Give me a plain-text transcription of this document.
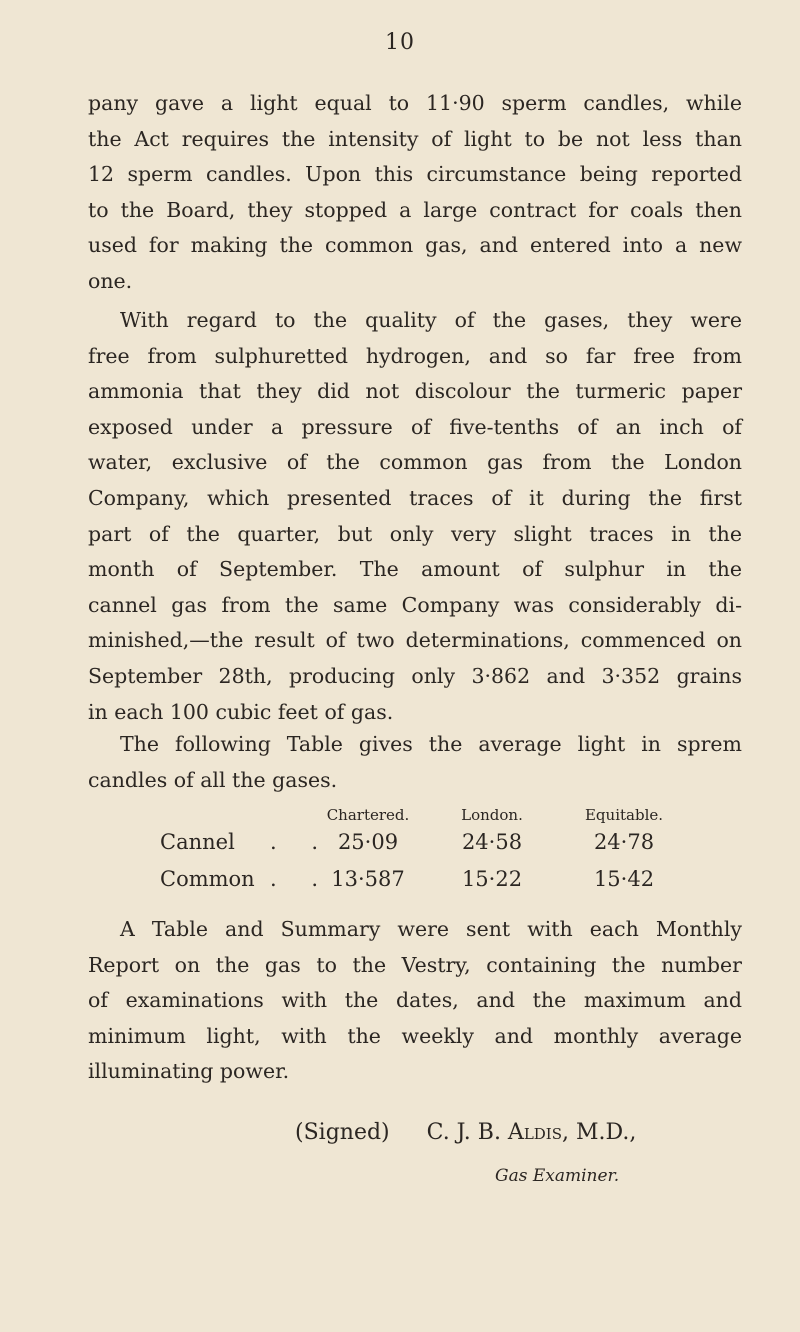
10

pany gave a light equal to 11·90 sperm candles, while
the Act requires the intensity of light to be not less than
12 sperm candles. Upon this circumstance being reported
to the Board, they stopped a large contract for coals then
used for making the common gas, and entered into a new
one.

With regard to the quality of the gases, they were
free from sulphuretted hydrogen, and so far free from
ammonia that they did not discolour the turmeric paper
exposed under a pressure of five-tenths of an inch of
water, exclusive of the common gas from the London
Company, which presented traces of it during the first
part of the quarter, but only very slight traces in the
month of September. The amount of sulphur in the
cannel gas from the same Company was considerably di-
minished,—the result of two determinations, commenced on
September 28th, producing only 3·862 and 3·352 grains
in each 100 cubic feet of gas.

The following Table gives the average light in sprem
candles of all the gases.

Chartered.	London.	Equitable.
Cannel . . 25·09	24·58	24·78
Common . . 13·587	15·22	15·42

A Table and Summary were sent with each Monthly
Report on the gas to the Vestry, containing the number
of examinations with the dates, and the maximum and
minimum light, with the weekly and monthly average
illuminating power.

(Signed) C. J. B. Aldis, M.D.,
Gas Examiner.
